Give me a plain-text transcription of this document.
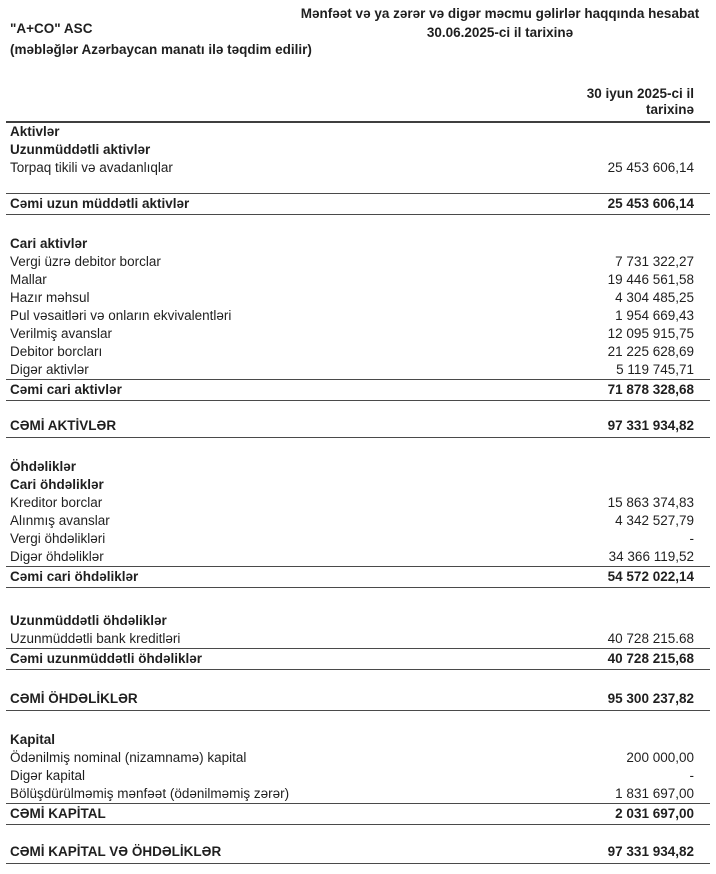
Mənfəət və ya zərər və digər məcmu gəlirlər haqqında hesabat
30.06.2025-ci il tarixinə
"A+CO" ASC
(məbləğlər Azərbaycan manatı ilə təqdim edilir)
30 iyun 2025-ci il
tarixinə
Aktivlər
Uzunmüddətli aktivlər
Torpaq tikili və avadanlıqlar	25 453 606,14
Cəmi uzun müddətli aktivlər	25 453 606,14
Cari aktivlər
Vergi üzrə debitor borclar	7 731 322,27
Mallar	19 446 561,58
Hazır məhsul	4 304 485,25
Pul vəsaitləri və onların ekvivalentləri	1 954 669,43
Verilmiş avanslar	12 095 915,75
Debitor borcları	21 225 628,69
Digər aktivlər	5 119 745,71
Cəmi cari aktivlər	71 878 328,68
CƏMİ AKTİVLƏR	97 331 934,82
Öhdəliklər
Cari öhdəliklər
Kreditor borclar	15 863 374,83
Alınmış avanslar	4 342 527,79
Vergi öhdəlikləri	-
Digər öhdəliklər	34 366 119,52
Cəmi cari öhdəliklər	54 572 022,14
Uzunmüddətli öhdəliklər
Uzunmüddətli bank kreditləri	40 728 215.68
Cəmi uzunmüddətli öhdəliklər	40 728 215,68
CƏMİ ÖHDƏLİKLƏR	95 300 237,82
Kapital
Ödənilmiş nominal (nizamnamə) kapital	200 000,00
Digər kapital	-
Bölüşdürülməmiş mənfəət (ödənilməmiş zərər)	1 831 697,00
CƏMİ KAPİTAL	2 031 697,00
CƏMİ KAPİTAL VƏ ÖHDƏLİKLƏR	97 331 934,82
